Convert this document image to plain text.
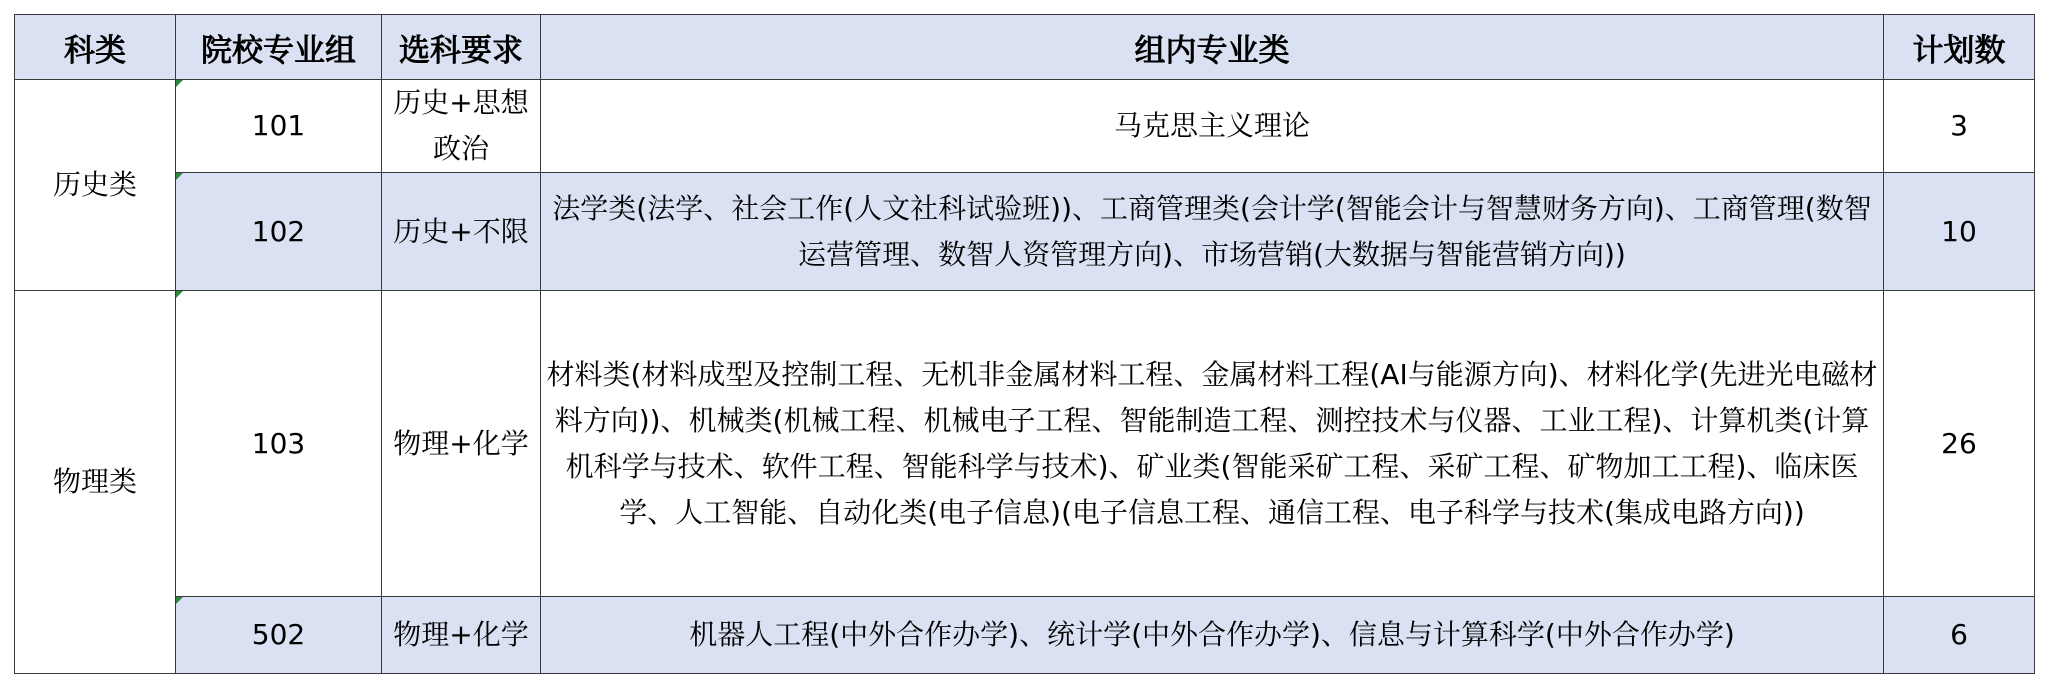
科类	院校专业组	选科要求	组内专业类	计划数
历史类	101	历史+思想政治	马克思主义理论	3
	102	历史+不限	法学类(法学、社会工作(人文社科试验班))、工商管理类(会计学(智能会计与智慧财务方向)、工商管理(数智运营管理、数智人资管理方向)、市场营销(大数据与智能营销方向))	10
物理类	103	物理+化学	材料类(材料成型及控制工程、无机非金属材料工程、金属材料工程(AI与能源方向)、材料化学(先进光电磁材料方向))、机械类(机械工程、机械电子工程、智能制造工程、测控技术与仪器、工业工程)、计算机类(计算机科学与技术、软件工程、智能科学与技术)、矿业类(智能采矿工程、采矿工程、矿物加工工程)、临床医学、人工智能、自动化类(电子信息)(电子信息工程、通信工程、电子科学与技术(集成电路方向))	26
	502	物理+化学	机器人工程(中外合作办学)、统计学(中外合作办学)、信息与计算科学(中外合作办学)	6
